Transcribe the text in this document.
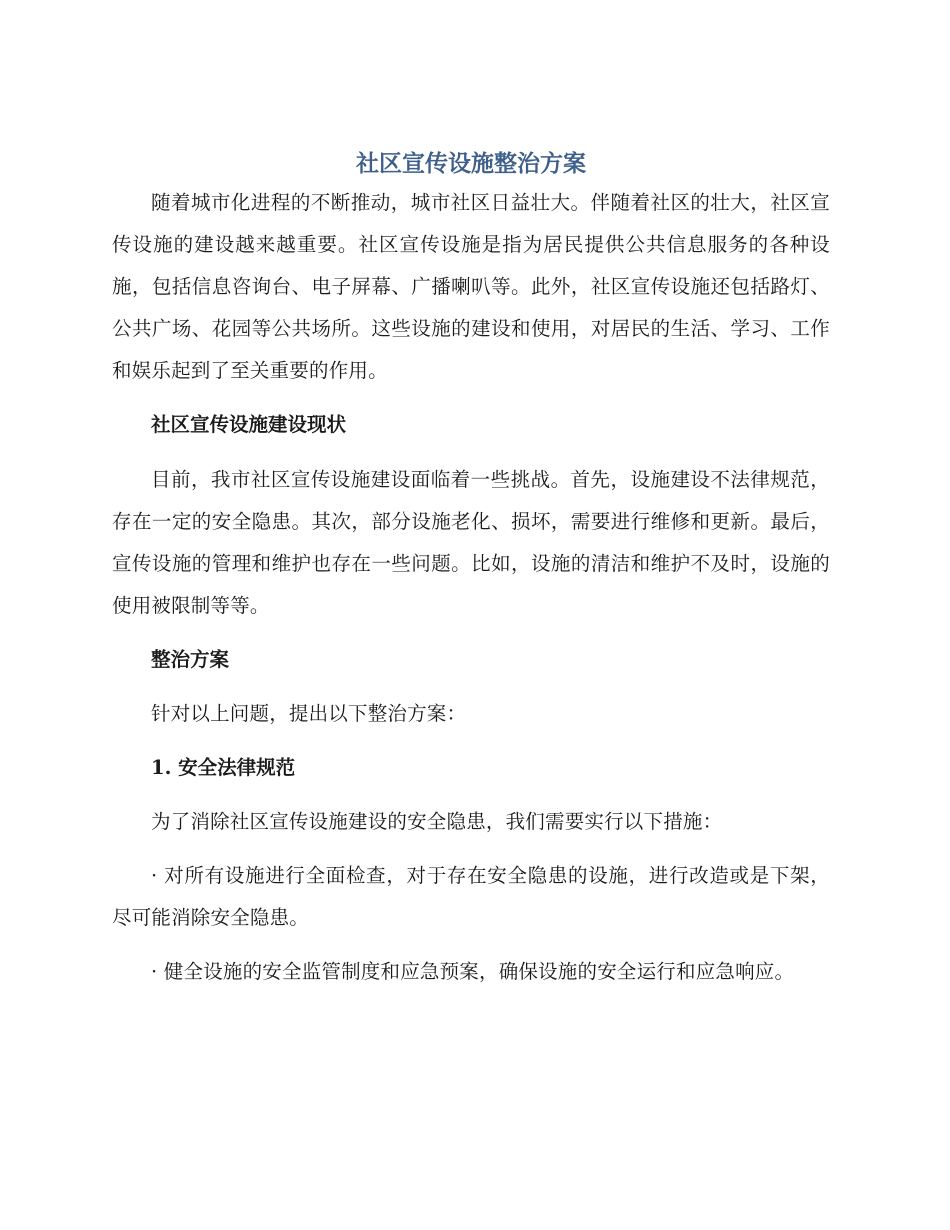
社区宣传设施整治方案

随着城市化进程的不断推动，城市社区日益壮大。伴随着社区的壮大，社区宣传设施的建设越来越重要。社区宣传设施是指为居民提供公共信息服务的各种设施，包括信息咨询台、电子屏幕、广播喇叭等。此外，社区宣传设施还包括路灯、公共广场、花园等公共场所。这些设施的建设和使用，对居民的生活、学习、工作和娱乐起到了至关重要的作用。

社区宣传设施建设现状

目前，我市社区宣传设施建设面临着一些挑战。首先，设施建设不法律规范，存在一定的安全隐患。其次，部分设施老化、损坏，需要进行维修和更新。最后，宣传设施的管理和维护也存在一些问题。比如，设施的清洁和维护不及时，设施的使用被限制等等。

整治方案

针对以上问题，提出以下整治方案：

1. 安全法律规范

为了消除社区宣传设施建设的安全隐患，我们需要实行以下措施：

· 对所有设施进行全面检查，对于存在安全隐患的设施，进行改造或是下架，尽可能消除安全隐患。

· 健全设施的安全监管制度和应急预案，确保设施的安全运行和应急响应。
